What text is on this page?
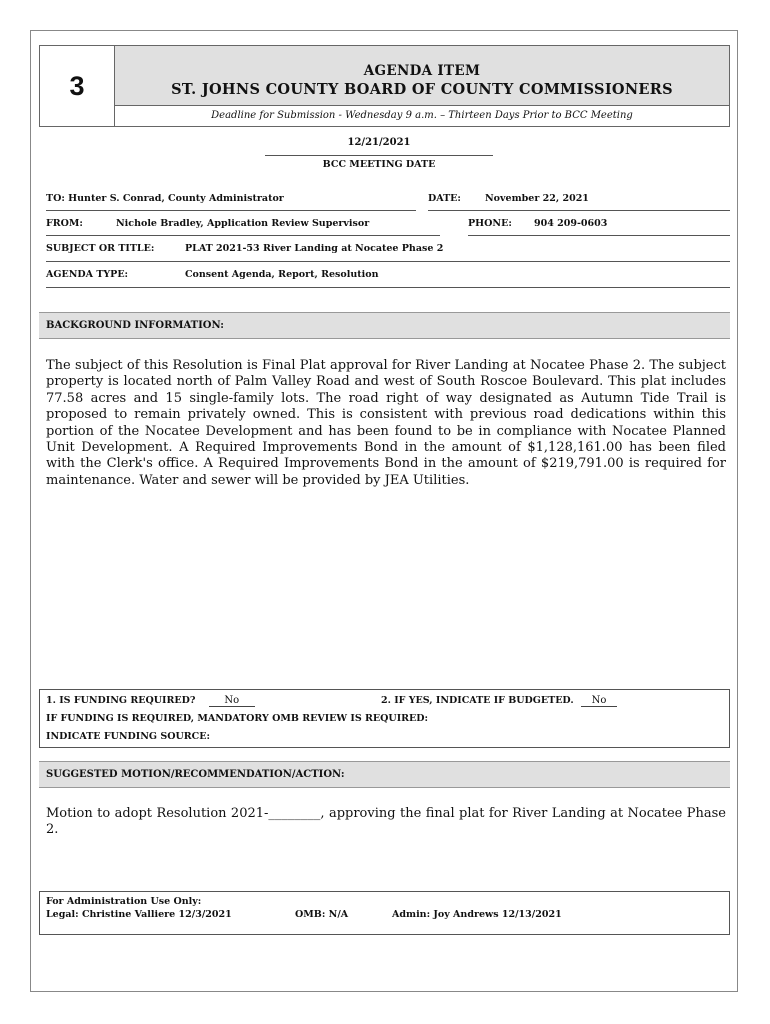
3	AGENDA ITEM
ST. JOHNS COUNTY BOARD OF COUNTY COMMISSIONERS
Deadline for Submission - Wednesday 9 a.m. – Thirteen Days Prior to BCC Meeting
12/21/2021
BCC MEETING DATE
TO: Hunter S. Conrad, County Administrator	DATE:	November 22, 2021
FROM:	Nichole Bradley, Application Review Supervisor	PHONE: 904 209-0603
SUBJECT OR TITLE:	PLAT 2021-53 River Landing at Nocatee Phase 2
AGENDA TYPE:	Consent Agenda, Report, Resolution
BACKGROUND INFORMATION:
The subject of this Resolution is Final Plat approval for River Landing at Nocatee Phase 2. The subject property is located north of Palm Valley Road and west of South Roscoe Boulevard. This plat includes 77.58 acres and 15 single-family lots. The road right of way designated as Autumn Tide Trail is proposed to remain privately owned. This is consistent with previous road dedications within this portion of the Nocatee Development and has been found to be in compliance with Nocatee Planned Unit Development. A Required Improvements Bond in the amount of $1,128,161.00 has been filed with the Clerk's office. A Required Improvements Bond in the amount of $219,791.00 is required for maintenance. Water and sewer will be provided by JEA Utilities.
1. IS FUNDING REQUIRED?	No	2. IF YES, INDICATE IF BUDGETED. No
IF FUNDING IS REQUIRED, MANDATORY OMB REVIEW IS REQUIRED:
INDICATE FUNDING SOURCE:
SUGGESTED MOTION/RECOMMENDATION/ACTION:
Motion to adopt Resolution 2021-________, approving the final plat for River Landing at Nocatee Phase 2.
For Administration Use Only:
Legal: Christine Valliere 12/3/2021	OMB: N/A	Admin: Joy Andrews 12/13/2021
